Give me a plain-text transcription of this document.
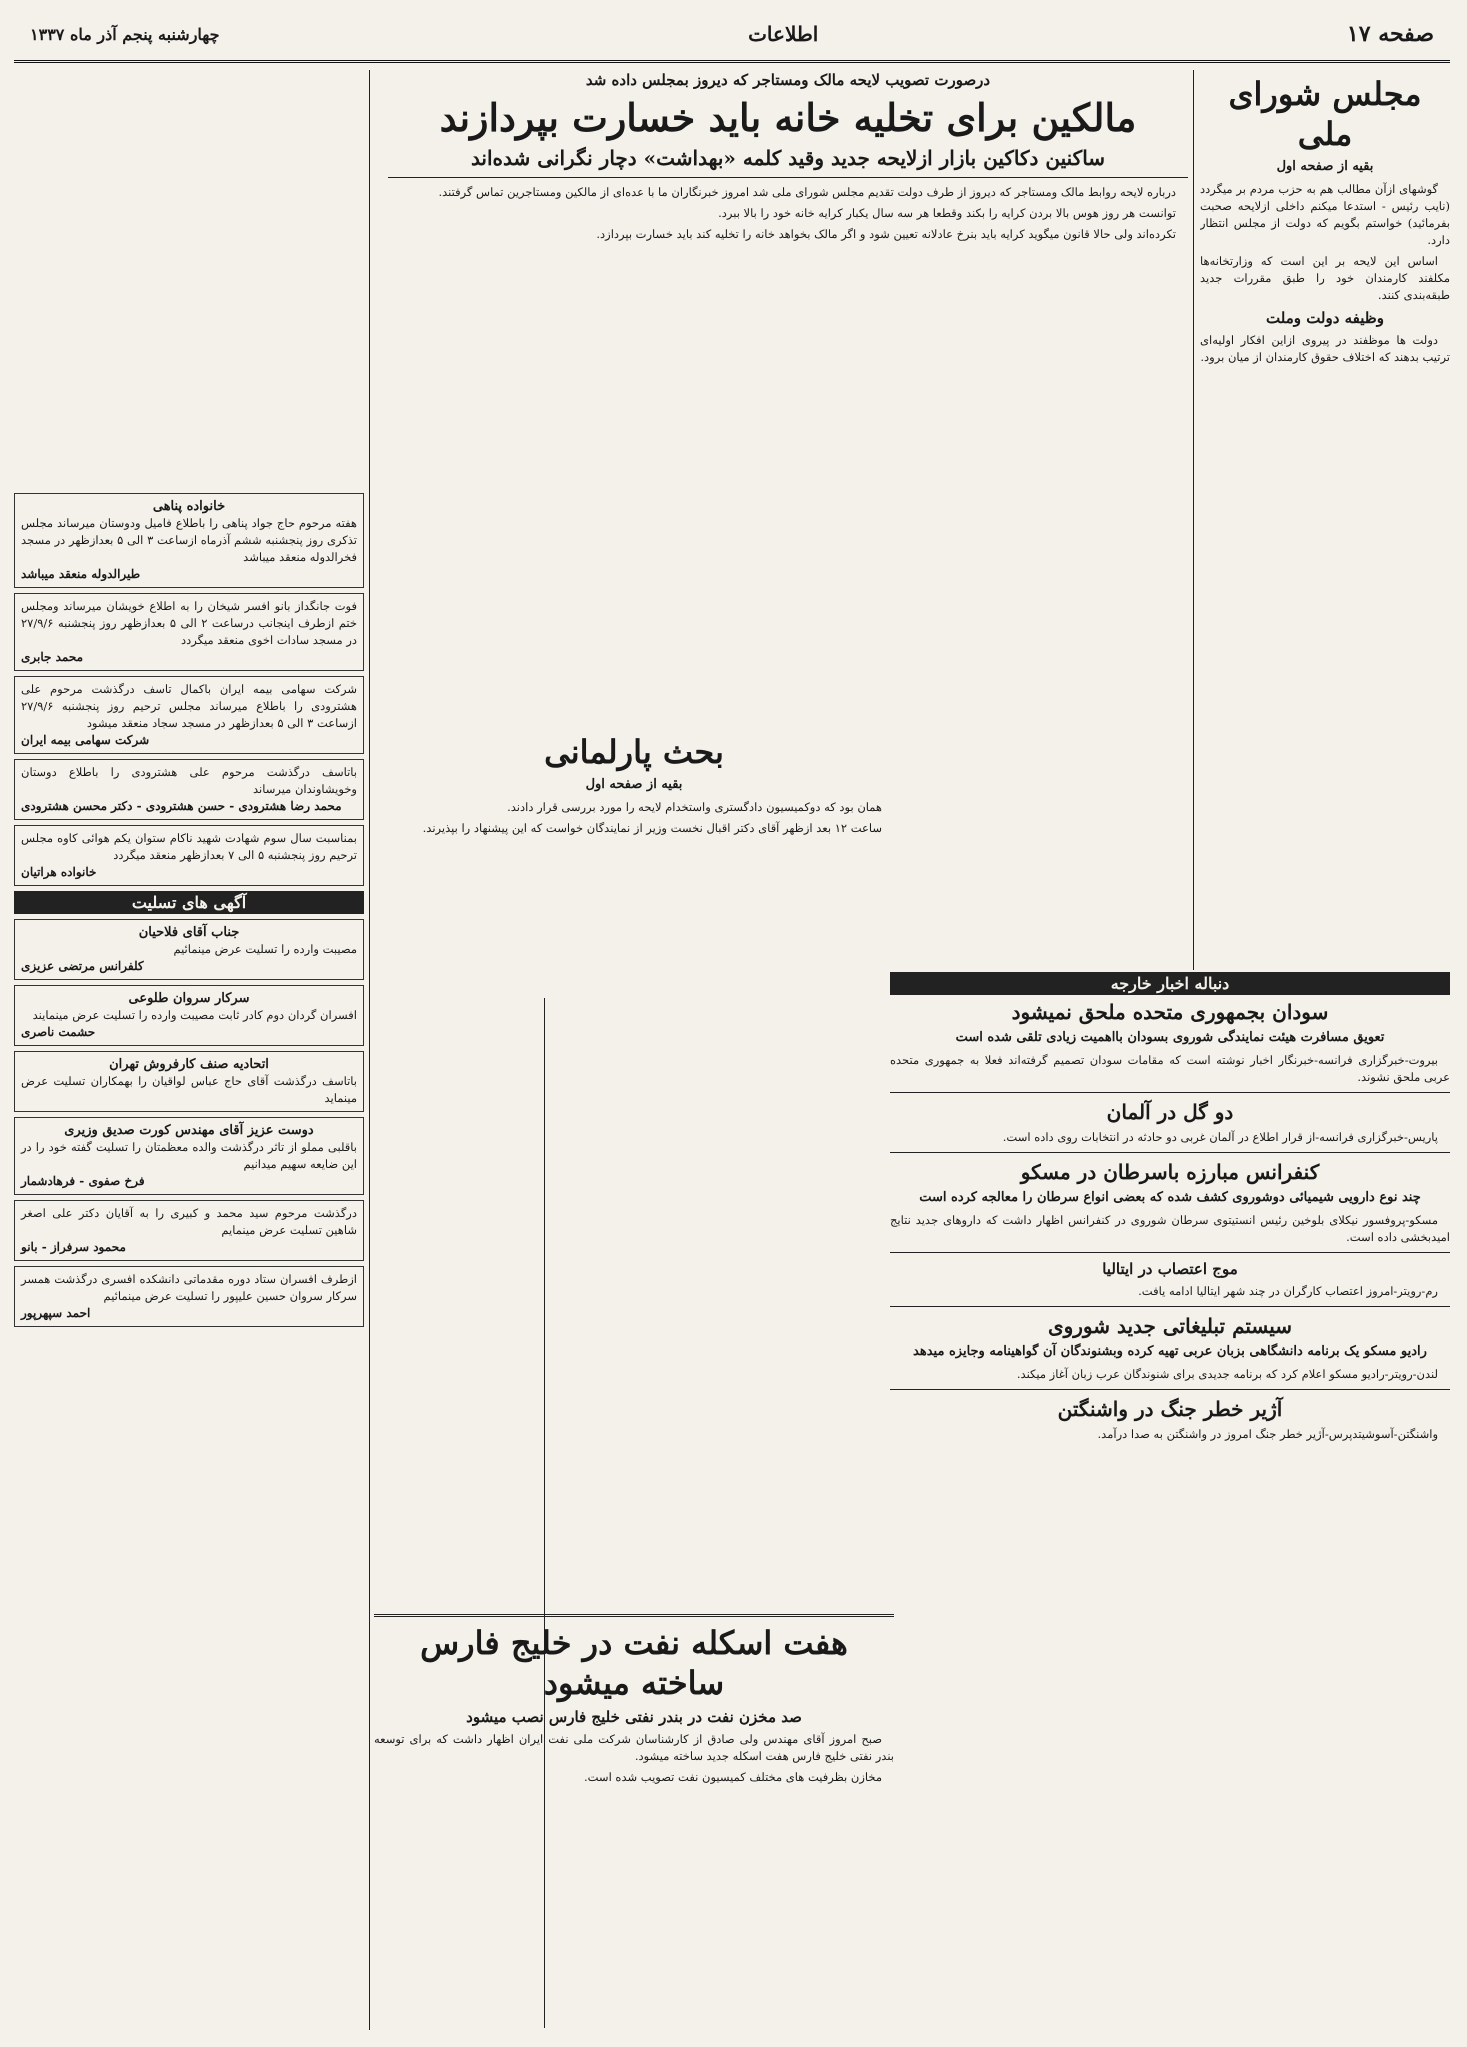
صفحه ۱۷
اطلاعات
چهارشنبه پنجم آذر ماه ۱۳۳۷
مجلس شورای ملی
بقیه از صفحه اول

گوشهای ازآن مطالب هم به حزب مردم بر میگردد (نایب رئیس - استدعا میکنم داخلی ازلایحه صحبت بفرمائید) خواستم بگویم که دولت از مجلس انتظار دارد.

اساس این لایحه بر این است که وزارتخانه‌ها مکلفند کارمندان خود را طبق مقررات جدید طبقه‌بندی کنند.

وظیفه دولت وملت

دولت ها موظفند در پیروی ازاین افکار اولیه‌ای ترتیب بدهند که اختلاف حقوق کارمندان از میان برود.

درصورت تصویب لایحه مالک ومستاجر که دیروز بمجلس داده شد
مالکین برای تخلیه خانه باید خسارت بپردازند
ساکنین دکاکین بازار ازلایحه جدید وقید کلمه «بهداشت» دچار نگرانی شده‌اند

درباره لایحه روابط مالک ومستاجر که دیروز از طرف دولت تقدیم مجلس شورای ملی شد امروز خبرنگاران ما با عده‌ای از مالکین ومستاجرین تماس گرفتند.

توانست هر روز هوس بالا بردن کرایه را بکند وقطعا هر سه سال یکبار کرایه خانه خود را بالا ببرد.

تکرده‌اند ولی حالا قانون میگوید کرایه باید بنرخ عادلانه تعیین شود و اگر مالک بخواهد خانه را تخلیه کند باید خسارت بپردازد.

خانواده پناهی
هفته مرحوم حاج جواد پناهی را باطلاع فامیل ودوستان میرساند مجلس تذکری روز پنجشنبه ششم آذرماه ازساعت ۳ الی ۵ بعدازظهر در مسجد فخرالدوله منعقد میباشد
طیرالدوله منعقد میباشد
فوت جانگداز بانو افسر شیخان را به اطلاع خویشان میرساند ومجلس ختم ازطرف اینجانب درساعت ۲ الی ۵ بعدازظهر روز پنجشنبه ۲۷/۹/۶ در مسجد سادات اخوی منعقد میگردد
محمد جابری
شرکت سهامی بیمه ایران باکمال تاسف درگذشت مرحوم علی هشترودی را باطلاع میرساند مجلس ترحیم روز پنجشنبه ۲۷/۹/۶ ازساعت ۳ الی ۵ بعدازظهر در مسجد سجاد منعقد میشود
شرکت سهامی بیمه ایران
باتاسف درگذشت مرحوم علی هشترودی را باطلاع دوستان وخویشاوندان میرساند
محمد رضا هشترودی - حسن هشترودی - دکتر محسن هشترودی
بمناسبت سال سوم شهادت شهید ناکام ستوان یکم هوائی کاوه مجلس ترحیم روز پنجشنبه ۵ الی ۷ بعدازظهر منعقد میگردد
خانواده هراتیان
آگهی های تسلیت
جناب آقای فلاحیان
مصیبت وارده را تسلیت عرض مینمائیم
کلفرانس مرتضی عزیزی
سرکار سروان طلوعی
افسران گردان دوم کادر ثابت مصیبت وارده را تسلیت عرض مینمایند
حشمت ناصری
اتحادیه صنف کارفروش تهران
باتاسف درگذشت آقای حاج عباس لواقیان را بهمکاران تسلیت عرض مینماید
دوست عزیز آقای مهندس کورت صدیق وزیری
باقلبی مملو از تاثر درگذشت والده معظمتان را تسلیت گفته خود را در این ضایعه سهیم میدانیم
فرخ صفوی - فرهادشمار
درگذشت مرحوم سید محمد و کبیری را به آقایان دکتر علی اصغر شاهین تسلیت عرض مینمایم
محمود سرفراز - بانو
ازطرف افسران ستاد دوره مقدماتی دانشکده افسری درگذشت همسر سرکار سروان حسین علیپور را تسلیت عرض مینمائیم
احمد سپهرپور
بحث پارلمانی
بقیه از صفحه اول

همان بود که دوکمیسیون دادگستری واستخدام لایحه را مورد بررسی قرار دادند.

ساعت ۱۲ بعد ازظهر آقای دکتر اقبال نخست وزیر از نمایندگان خواست که این پیشنهاد را بپذیرند.

دنباله اخبار خارجه
سودان بجمهوری متحده ملحق نمیشود
تعویق مسافرت هیئت نمایندگی شوروی بسودان بااهمیت زیادی تلقی شده است

بیروت-خبرگزاری فرانسه-خبرنگار اخبار نوشته است که مقامات سودان تصمیم گرفته‌اند فعلا به جمهوری متحده عربی ملحق نشوند.

دو گل در آلمان

پاریس-خبرگزاری فرانسه-از قرار اطلاع در آلمان غربی دو حادثه در انتخابات روی داده است.

کنفرانس مبارزه باسرطان در مسکو
چند نوع دارویی شیمیائی دوشوروی کشف شده که بعضی انواع سرطان را معالجه کرده است

مسکو-پروفسور نیکلای بلوخین رئیس انستیتوی سرطان شوروی در کنفرانس اظهار داشت که داروهای جدید نتایج امیدبخشی داده است.

موج اعتصاب در ایتالیا

رم-رویتر-امروز اعتصاب کارگران در چند شهر ایتالیا ادامه یافت.

سیستم تبلیغاتی جدید شوروی
رادیو مسکو یک برنامه دانشگاهی بزبان عربی تهیه کرده وبشنوندگان آن گواهینامه وجایزه میدهد

لندن-رویتر-رادیو مسکو اعلام کرد که برنامه جدیدی برای شنوندگان عرب زبان آغاز میکند.

آژیر خطر جنگ در واشنگتن

واشنگتن-آسوشیتدپرس-آژیر خطر جنگ امروز در واشنگتن به صدا درآمد.

هفت اسکله نفت در خلیج فارس ساخته میشود
صد مخزن نفت در بندر نفتی خلیج فارس نصب میشود

صبح امروز آقای مهندس ولی صادق از کارشناسان شرکت ملی نفت ایران اظهار داشت که برای توسعه بندر نفتی خلیج فارس هفت اسکله جدید ساخته میشود.

مخازن بظرفیت های مختلف کمیسیون نفت تصویب شده است.
